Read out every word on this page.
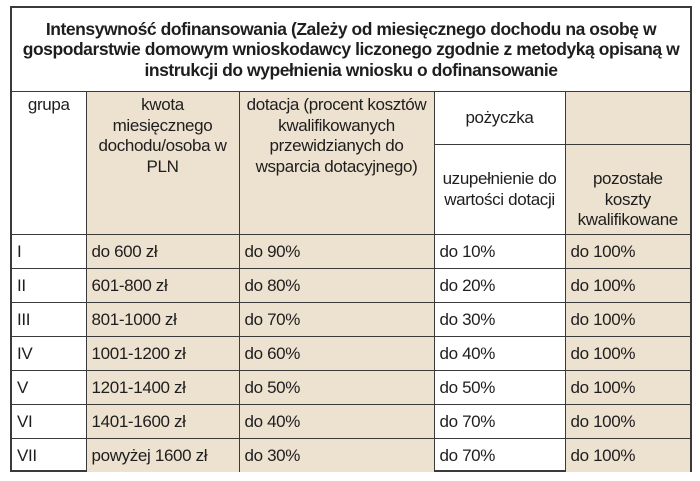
Intensywność dofinansowania (Zależy od miesięcznego dochodu na osobę w gospodarstwie domowym wnioskodawcy liczonego zgodnie z metodyką opisaną w instrukcji do wypełnienia wniosku o dofinansowanie
grupa	kwota miesięcznego dochodu/osoba w PLN	dotacja (procent kosztów kwalifikowanych przewidzianych do wsparcia dotacyjnego)	pożyczka	
			uzupełnienie do wartości dotacji	pozostałe koszty kwalifikowane
I	do 600 zł	do 90%	do 10%	do 100%
II	601-800 zł	do 80%	do 20%	do 100%
III	801-1000 zł	do 70%	do 30%	do 100%
IV	1001-1200 zł	do 60%	do 40%	do 100%
V	1201-1400 zł	do 50%	do 50%	do 100%
VI	1401-1600 zł	do 40%	do 70%	do 100%
VII	powyżej 1600 zł	do 30%	do 70%	do 100%
